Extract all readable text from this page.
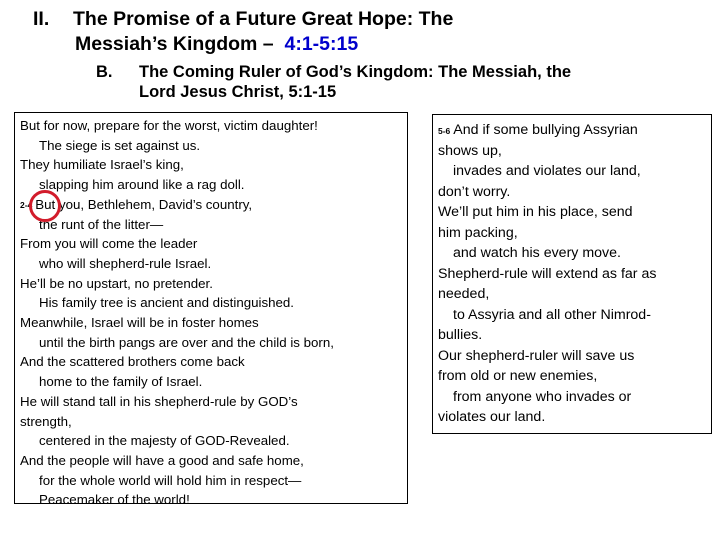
II. The Promise of a Future Great Hope: The
Messiah’s Kingdom – 4:1-5:15
B. The Coming Ruler of God’s Kingdom: The Messiah, the
Lord Jesus Christ, 5:1-15
But for now, prepare for the worst, victim daughter!
The siege is set against us.
They humiliate Israel’s king,
slapping him around like a rag doll.
$^{2-4}$ But you, Bethlehem, David’s country,
the runt of the litter—
From you will come the leader
who will shepherd-rule Israel.
He’ll be no upstart, no pretender.
His family tree is ancient and distinguished.
Meanwhile, Israel will be in foster homes
until the birth pangs are over and the child is born,
And the scattered brothers come back
home to the family of Israel.
He will stand tall in his shepherd-rule by GOD’s
strength,
centered in the majesty of GOD-Revealed.
And the people will have a good and safe home,
for the whole world will hold him in respect—
Peacemaker of the world!
$^{5-6}$ And if some bullying Assyrian
shows up,
invades and violates our land,
don’t worry.
We’ll put him in his place, send
him packing,
and watch his every move.
Shepherd-rule will extend as far as
needed,
to Assyria and all other Nimrod-
bullies.
Our shepherd-ruler will save us
from old or new enemies,
from anyone who invades or
violates our land.
